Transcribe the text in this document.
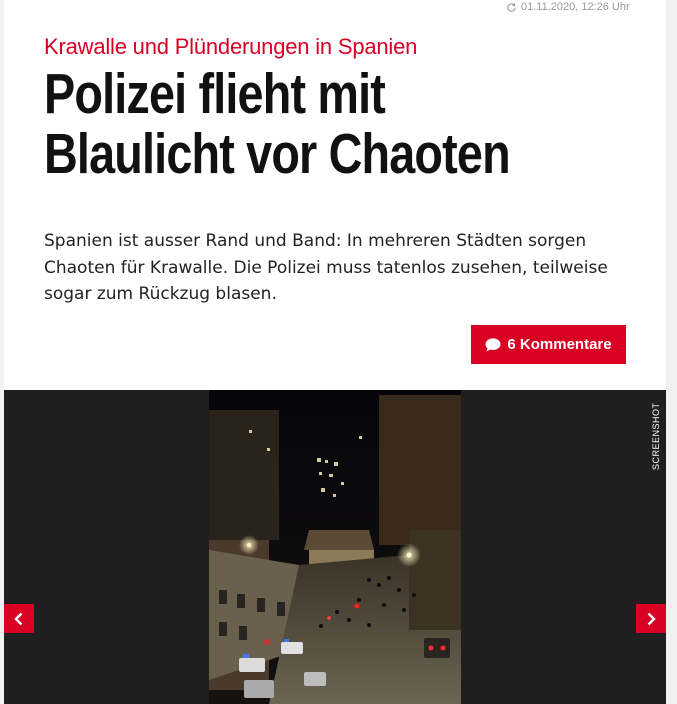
01.11.2020, 12:26 Uhr
Krawalle und Plünderungen in Spanien
Polizei flieht mit
Blaulicht vor Chaoten

Spanien ist ausser Rand und Band: In mehreren Städten sorgen Chaoten für Krawalle. Die Polizei muss tatenlos zusehen, teilweise sogar zum Rückzug blasen.

6 Kommentare
SCREENSHOT
